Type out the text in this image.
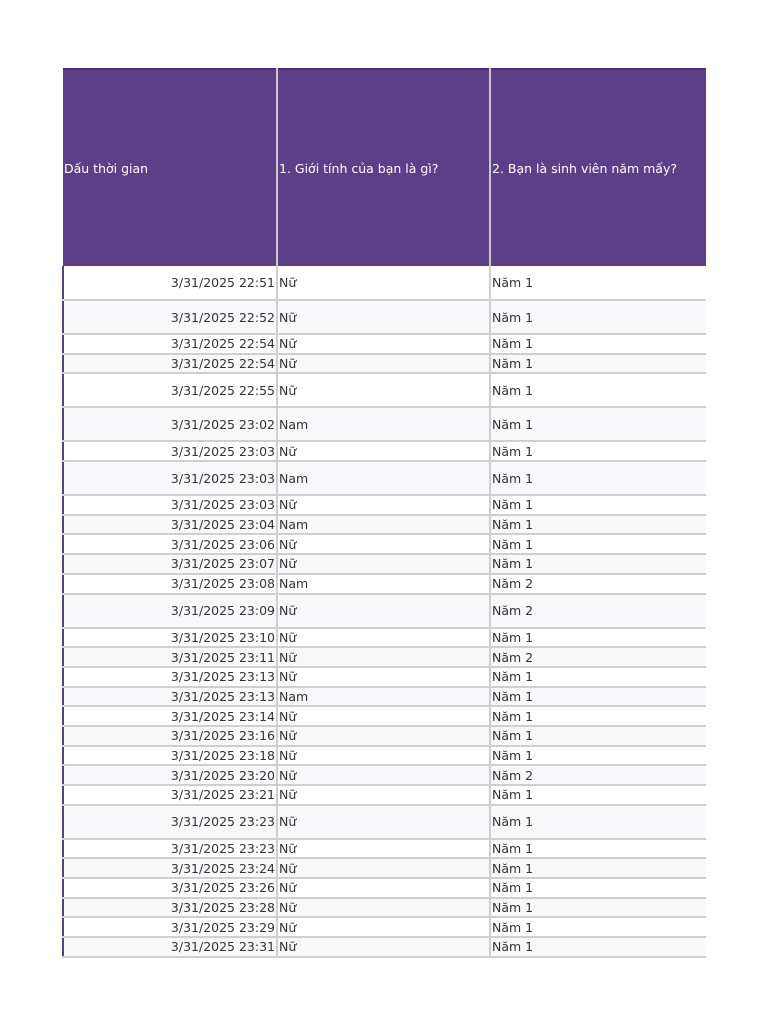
Dấu thời gian	1. Giới tính của bạn là gì?	2. Bạn là sinh viên năm mấy?
3/31/2025 22:51	Nữ	Năm 1
3/31/2025 22:52	Nữ	Năm 1
3/31/2025 22:54	Nữ	Năm 1
3/31/2025 22:54	Nữ	Năm 1
3/31/2025 22:55	Nữ	Năm 1
3/31/2025 23:02	Nam	Năm 1
3/31/2025 23:03	Nữ	Năm 1
3/31/2025 23:03	Nam	Năm 1
3/31/2025 23:03	Nữ	Năm 1
3/31/2025 23:04	Nam	Năm 1
3/31/2025 23:06	Nữ	Năm 1
3/31/2025 23:07	Nữ	Năm 1
3/31/2025 23:08	Nam	Năm 2
3/31/2025 23:09	Nữ	Năm 2
3/31/2025 23:10	Nữ	Năm 1
3/31/2025 23:11	Nữ	Năm 2
3/31/2025 23:13	Nữ	Năm 1
3/31/2025 23:13	Nam	Năm 1
3/31/2025 23:14	Nữ	Năm 1
3/31/2025 23:16	Nữ	Năm 1
3/31/2025 23:18	Nữ	Năm 1
3/31/2025 23:20	Nữ	Năm 2
3/31/2025 23:21	Nữ	Năm 1
3/31/2025 23:23	Nữ	Năm 1
3/31/2025 23:23	Nữ	Năm 1
3/31/2025 23:24	Nữ	Năm 1
3/31/2025 23:26	Nữ	Năm 1
3/31/2025 23:28	Nữ	Năm 1
3/31/2025 23:29	Nữ	Năm 1
3/31/2025 23:31	Nữ	Năm 1
